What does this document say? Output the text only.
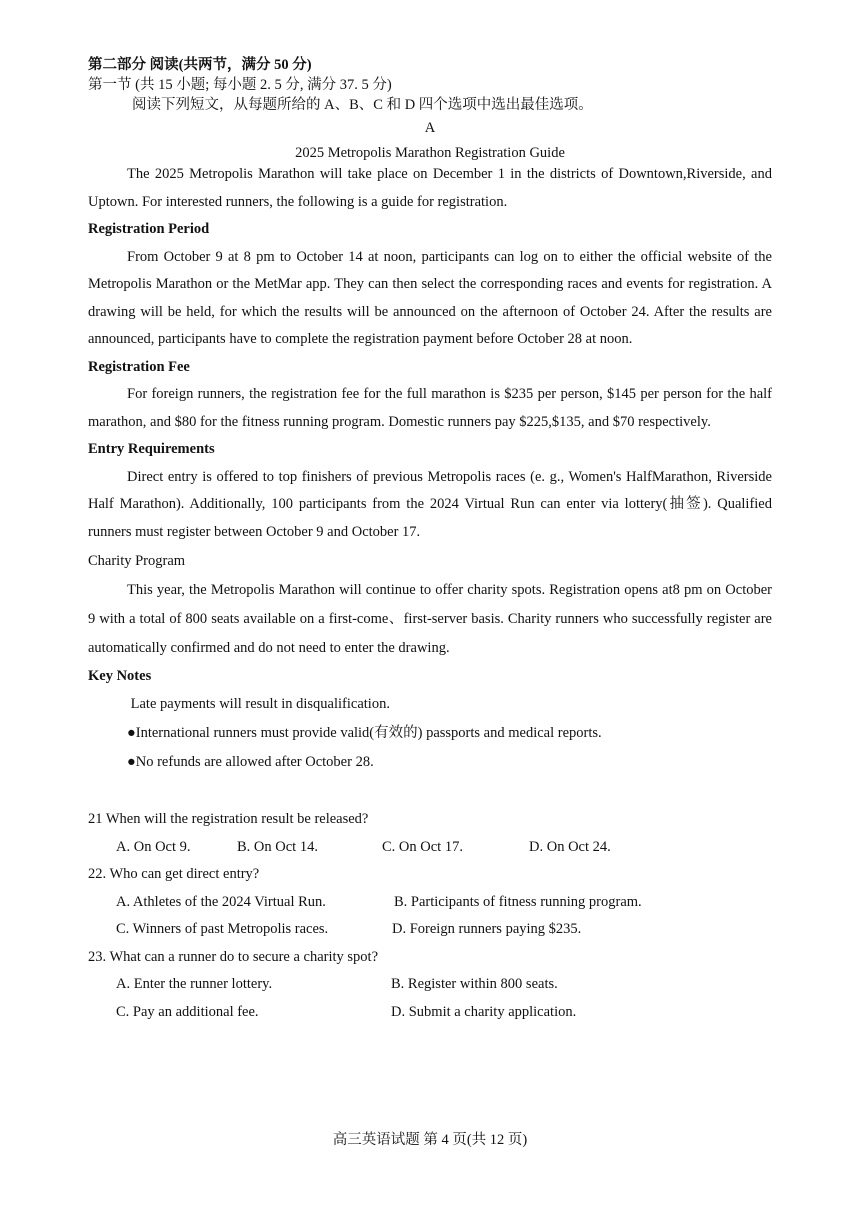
第二部分 阅读(共两节，满分 50 分)
第一节 (共 15 小题; 每小题 2. 5 分, 满分 37. 5 分)
阅读下列短文，从每题所给的 A、B、C 和 D 四个选项中选出最佳选项。
A
2025 Metropolis Marathon Registration Guide

The 2025 Metropolis Marathon will take place on December 1 in the districts of Downtown,Riverside, and Uptown. For interested runners, the following is a guide for registration.

Registration Period

From October 9 at 8 pm to October 14 at noon, participants can log on to either the official website of the Metropolis Marathon or the MetMar app. They can then select the corresponding races and events for registration. A drawing will be held, for which the results will be announced on the afternoon of October 24. After the results are announced, participants have to complete the registration payment before October 28 at noon.

Registration Fee

For foreign runners, the registration fee for the full marathon is $235 per person, $145 per person for the half marathon, and $80 for the fitness running program. Domestic runners pay $225,$135, and $70 respectively.

Entry Requirements

Direct entry is offered to top finishers of previous Metropolis races (e. g., Women's HalfMarathon, Riverside Half Marathon). Additionally, 100 participants from the 2024 Virtual Run can enter via lottery(抽签). Qualified runners must register between October 9 and October 17.

Charity Program

This year, the Metropolis Marathon will continue to offer charity spots. Registration opens at8 pm on October 9 with a total of 800 seats available on a first-come、first-server basis. Charity runners who successfully register are automatically confirmed and do not need to enter the drawing.

Key Notes

Late payments will result in disqualification.

●International runners must provide valid(有效的) passports and medical reports.

●No refunds are allowed after October 28.

21 When will the registration result be released?

A. On Oct 9.	B. On Oct 14.	C. On Oct 17.	D. On Oct 24.

22. Who can get direct entry?

A. Athletes of the 2024 Virtual Run.	B. Participants of fitness running program.
C. Winners of past Metropolis races.	D. Foreign runners paying $235.

23. What can a runner do to secure a charity spot?

A. Enter the runner lottery.	B. Register within 800 seats.
C. Pay an additional fee.	D. Submit a charity application.
高三英语试题 第 4 页(共 12 页)
